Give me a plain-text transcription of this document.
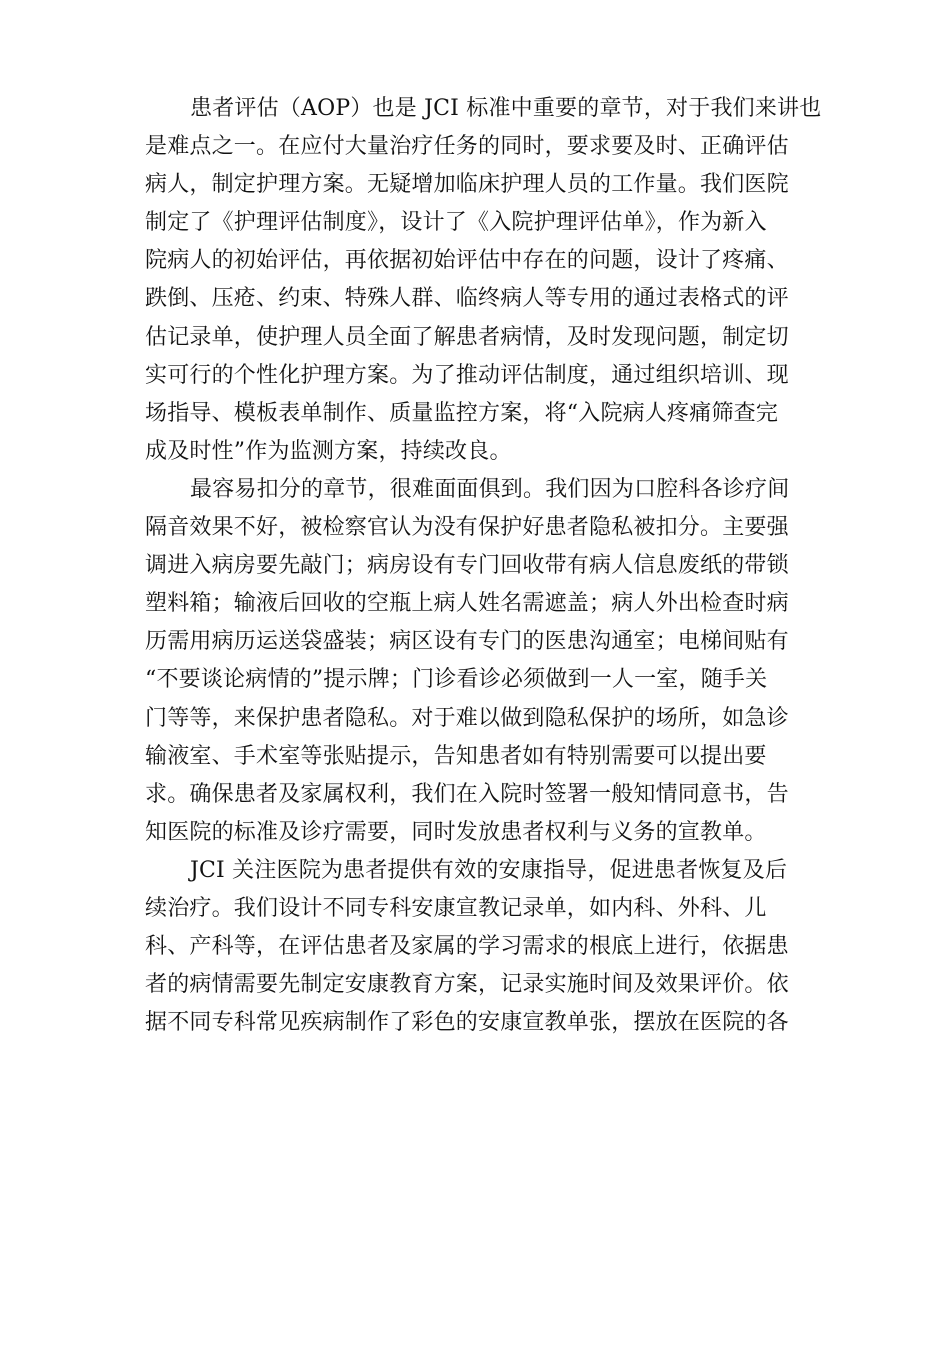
患者评估（AOP）也是 JCI 标准中重要的章节，对于我们来讲也
是难点之一。在应付大量治疗任务的同时，要求要及时、正确评估
病人，制定护理方案。无疑增加临床护理人员的工作量。我们医院
制定了《护理评估制度》，设计了《入院护理评估单》，作为新入
院病人的初始评估，再依据初始评估中存在的问题，设计了疼痛、
跌倒、压疮、约束、特殊人群、临终病人等专用的通过表格式的评
估记录单，使护理人员全面了解患者病情，及时发现问题，制定切
实可行的个性化护理方案。为了推动评估制度，通过组织培训、现
场指导、模板表单制作、质量监控方案，将“入院病人疼痛筛查完
成及时性”作为监测方案，持续改良。
最容易扣分的章节，很难面面俱到。我们因为口腔科各诊疗间
隔音效果不好，被检察官认为没有保护好患者隐私被扣分。主要强
调进入病房要先敲门；病房设有专门回收带有病人信息废纸的带锁
塑料箱；输液后回收的空瓶上病人姓名需遮盖；病人外出检查时病
历需用病历运送袋盛装；病区设有专门的医患沟通室；电梯间贴有
“不要谈论病情的”提示牌；门诊看诊必须做到一人一室，随手关
门等等，来保护患者隐私。对于难以做到隐私保护的场所，如急诊
输液室、手术室等张贴提示，告知患者如有特别需要可以提出要
求。确保患者及家属权利，我们在入院时签署一般知情同意书，告
知医院的标准及诊疗需要，同时发放患者权利与义务的宣教单。
JCI 关注医院为患者提供有效的安康指导，促进患者恢复及后
续治疗。我们设计不同专科安康宣教记录单，如内科、外科、儿
科、产科等，在评估患者及家属的学习需求的根底上进行，依据患
者的病情需要先制定安康教育方案，记录实施时间及效果评价。依
据不同专科常见疾病制作了彩色的安康宣教单张，摆放在医院的各
